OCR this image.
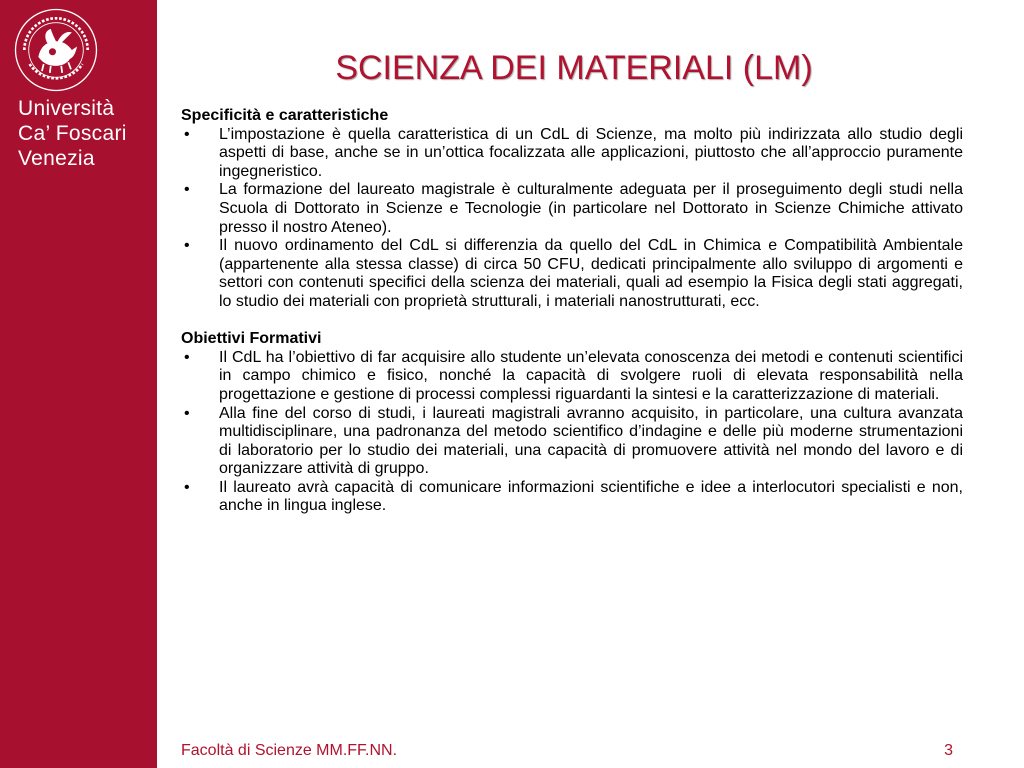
Università
Ca’ Foscari
Venezia
SCIENZA DEI MATERIALI (LM)

Specificità e caratteristiche

• L’impostazione è quella caratteristica di un CdL di Scienze, ma molto più indirizzata allo studio degli aspetti di base, anche se in un’ottica focalizzata alle applicazioni, piuttosto che all’approccio puramente ingegneristico.
• La formazione del laureato magistrale è culturalmente adeguata per il proseguimento degli studi nella Scuola di Dottorato in Scienze e Tecnologie (in particolare nel Dottorato in Scienze Chimiche attivato presso il nostro Ateneo).
• Il nuovo ordinamento del CdL si differenzia da quello del CdL in Chimica e Compatibilità Ambientale (appartenente alla stessa classe) di circa 50 CFU, dedicati principalmente allo sviluppo di argomenti e settori con contenuti specifici della scienza dei materiali, quali ad esempio la Fisica degli stati aggregati, lo studio dei materiali con proprietà strutturali, i materiali nanostrutturati, ecc.

Obiettivi Formativi

• Il CdL ha l’obiettivo di far acquisire allo studente un’elevata conoscenza dei metodi e contenuti scientifici in campo chimico e fisico, nonché la capacità di svolgere ruoli di elevata responsabilità nella progettazione e gestione di processi complessi riguardanti la sintesi e la caratterizzazione di materiali.
• Alla fine del corso di studi, i laureati magistrali avranno acquisito, in particolare, una cultura avanzata multidisciplinare, una padronanza del metodo scientifico d’indagine e delle più moderne strumentazioni di laboratorio per lo studio dei materiali, una capacità di promuovere attività nel mondo del lavoro e di organizzare attività di gruppo.
• Il laureato avrà capacità di comunicare informazioni scientifiche e idee a interlocutori specialisti e non, anche in lingua inglese.
Facoltà di Scienze MM.FF.NN.	3
